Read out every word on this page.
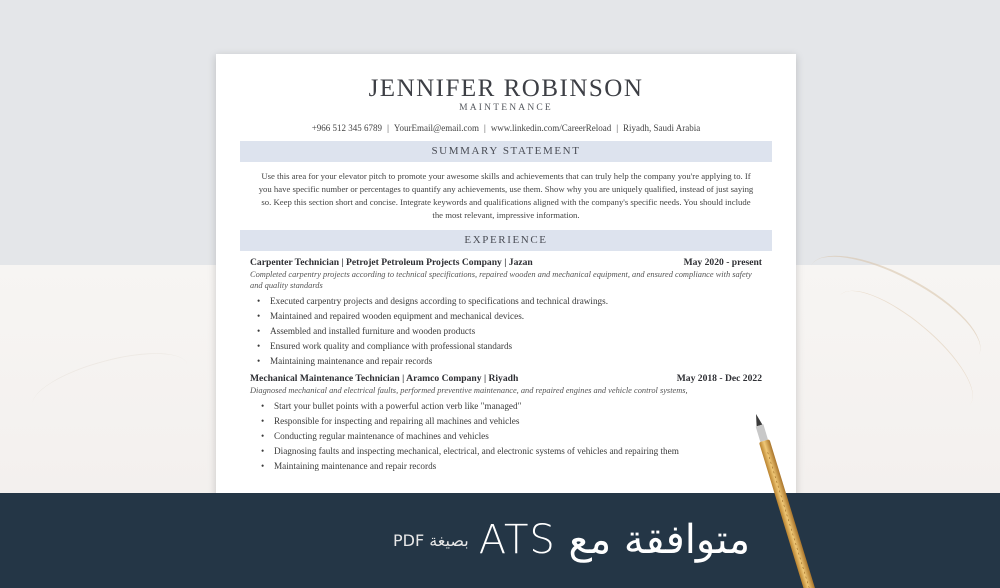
JENNIFER ROBINSON
MAINTENANCE
+966 512 345 6789 | YourEmail@email.com | www.linkedin.com/CareerReload | Riyadh, Saudi Arabia
SUMMARY STATEMENT
Use this area for your elevator pitch to promote your awesome skills and achievements that can truly help the company you're applying to. If you have specific number or percentages to quantify any achievements, use them. Show why you are uniquely qualified, instead of just saying so. Keep this section short and concise. Integrate keywords and qualifications aligned with the company's specific needs. You should include the most relevant, impressive information.
EXPERIENCE
Carpenter Technician | Petrojet Petroleum Projects Company | Jazan	May 2020 - present
Completed carpentry projects according to technical specifications, repaired wooden and mechanical equipment, and ensured compliance with safety and quality standards
• Executed carpentry projects and designs according to specifications and technical drawings.
• Maintained and repaired wooden equipment and mechanical devices.
• Assembled and installed furniture and wooden products
• Ensured work quality and compliance with professional standards
• Maintaining maintenance and repair records
Mechanical Maintenance Technician | Aramco Company | Riyadh	May 2018 - Dec 2022
Diagnosed mechanical and electrical faults, performed preventive maintenance, and repaired engines and vehicle control systems,
• Start your bullet points with a powerful action verb like "managed"
• Responsible for inspecting and repairing all machines and vehicles
• Conducting regular maintenance of machines and vehicles
• Diagnosing faults and inspecting mechanical, electrical, and electronic systems of vehicles and repairing them
• Maintaining maintenance and repair records
متوافقة مع ATS
بصيغة PDF
